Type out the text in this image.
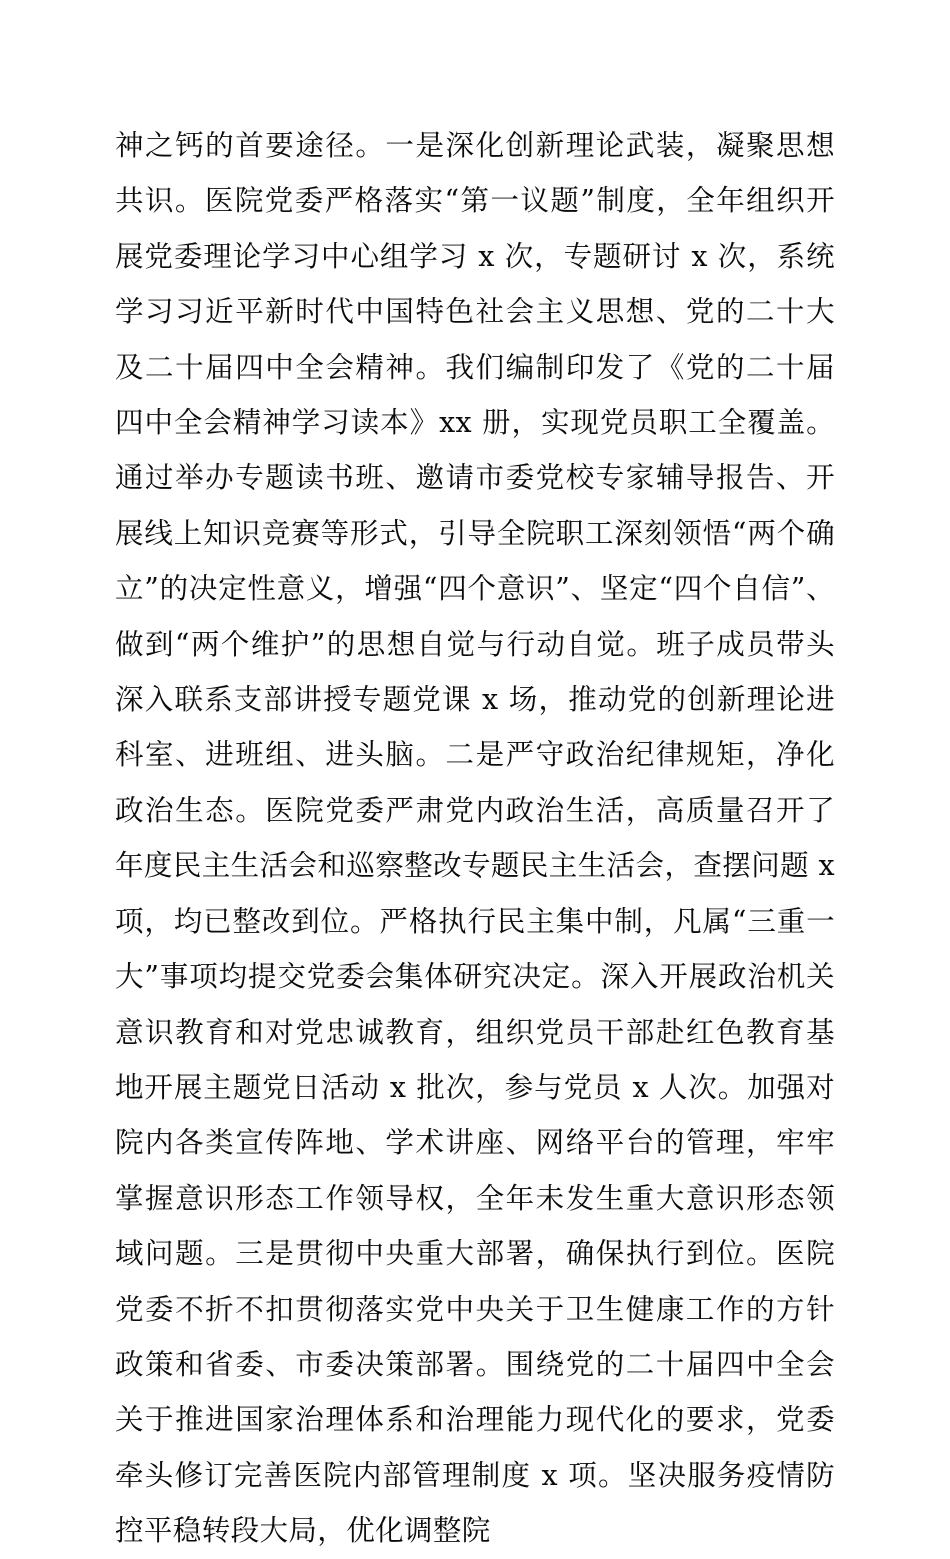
神之钙的首要途径。一是深化创新理论武装，凝聚思想共识。医院党委严格落实“第一议题”制度，全年组织开展党委理论学习中心组学习 x 次，专题研讨 x 次，系统学习习近平新时代中国特色社会主义思想、党的二十大及二十届四中全会精神。我们编制印发了《党的二十届四中全会精神学习读本》xx 册，实现党员职工全覆盖。通过举办专题读书班、邀请市委党校专家辅导报告、开展线上知识竞赛等形式，引导全院职工深刻领悟“两个确立”的决定性意义，增强“四个意识”、坚定“四个自信”、做到“两个维护”的思想自觉与行动自觉。班子成员带头深入联系支部讲授专题党课 x 场，推动党的创新理论进科室、进班组、进头脑。二是严守政治纪律规矩，净化政治生态。医院党委严肃党内政治生活，高质量召开了年度民主生活会和巡察整改专题民主生活会，查摆问题 x 项，均已整改到位。严格执行民主集中制，凡属“三重一大”事项均提交党委会集体研究决定。深入开展政治机关意识教育和对党忠诚教育，组织党员干部赴红色教育基地开展主题党日活动 x 批次，参与党员 x 人次。加强对院内各类宣传阵地、学术讲座、网络平台的管理，牢牢掌握意识形态工作领导权，全年未发生重大意识形态领域问题。三是贯彻中央重大部署，确保执行到位。医院党委不折不扣贯彻落实党中央关于卫生健康工作的方针政策和省委、市委决策部署。围绕党的二十届四中全会关于推进国家治理体系和治理能力现代化的要求，党委牵头修订完善医院内部管理制度 x 项。坚决服务疫情防控平稳转段大局，优化调整院
